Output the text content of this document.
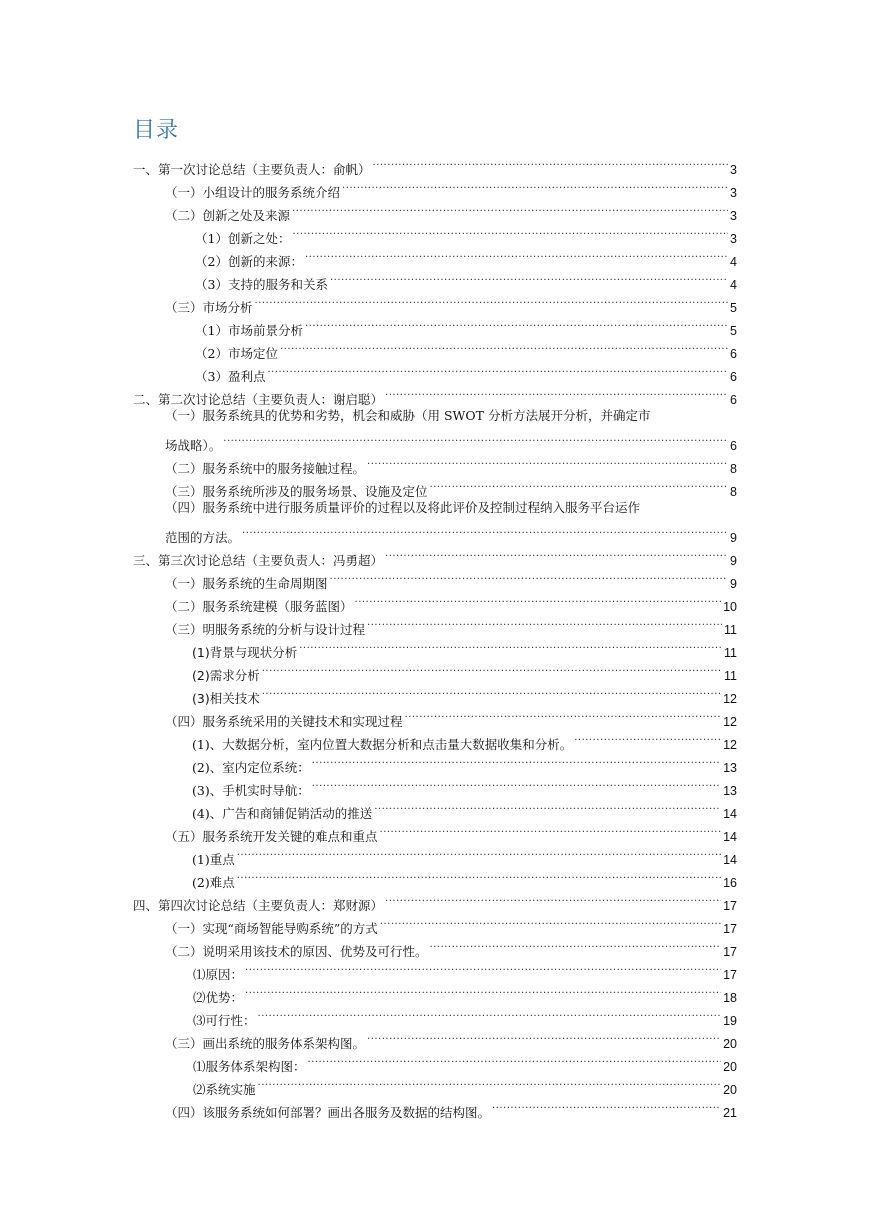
目录
一、第一次讨论总结（主要负责人：俞帆） .....	3
（一）小组设计的服务系统介绍 .....	3
（二）创新之处及来源 .....	3
（1）创新之处： .....	3
（2）创新的来源： .....	4
（3）支持的服务和关系 .....	4
（三）市场分析 .....	5
（1）市场前景分析 .....	5
（2）市场定位 .....	6
（3）盈利点 .....	6
二、第二次讨论总结（主要负责人：谢启聪） .....	6
（一）服务系统具的优势和劣势，机会和威胁（用 SWOT 分析方法展开分析，并确定市
场战略）。 .....	6
（二）服务系统中的服务接触过程。 .....	8
（三）服务系统所涉及的服务场景、设施及定位 .....	8
（四）服务系统中进行服务质量评价的过程以及将此评价及控制过程纳入服务平台运作
范围的方法。 .....	9
三、第三次讨论总结（主要负责人：冯勇超） .....	9
（一）服务系统的生命周期图 .....	9
（二）服务系统建模（服务蓝图） .....	10
（三）明服务系统的分析与设计过程 .....	11
(1)背景与现状分析 .....	11
(2)需求分析 .....	11
(3)相关技术 .....	12
（四）服务系统采用的关键技术和实现过程 .....	12
(1)、大数据分析，室内位置大数据分析和点击量大数据收集和分析。 .....	12
(2)、室内定位系统： .....	13
(3)、手机实时导航： .....	13
(4)、广告和商铺促销活动的推送 .....	14
（五）服务系统开发关键的难点和重点 .....	14
(1)重点 .....	14
(2)难点 .....	16
四、第四次讨论总结（主要负责人：郑财源） .....	17
（一）实现“商场智能导购系统”的方式 .....	17
（二）说明采用该技术的原因、优势及可行性。 .....	17
⑴原因： .....	17
⑵优势： .....	18
⑶可行性： .....	19
（三）画出系统的服务体系架构图。 .....	20
⑴服务体系架构图： .....	20
⑵系统实施 .....	20
（四）该服务系统如何部署？画出各服务及数据的结构图。 .....	21
